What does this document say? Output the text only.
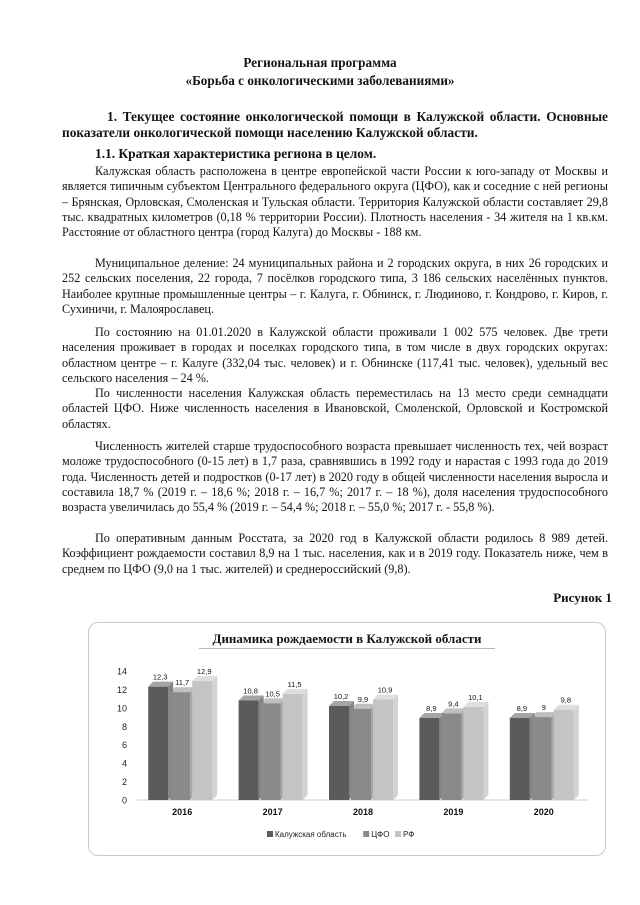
Региональная программа
«Борьба с онкологическими заболеваниями»
1. Текущее состояние онкологической помощи в Калужской области. Основные показатели онкологической помощи населению Калужской области.
1.1. Краткая характеристика региона в целом.

Калужская область расположена в центре европейской части России к юго-западу от Москвы и является типичным субъектом Центрального федерального округа (ЦФО), как и соседние с ней регионы – Брянская, Орловская, Смоленская и Тульская области. Территория Калужской области составляет 29,8 тыс. квадратных километров (0,18 % территории России). Плотность населения - 34 жителя на 1 кв.км. Расстояние от областного центра (город Калуга) до Москвы - 188 км.

Муниципальное деление: 24 муниципальных района и 2 городских округа, в них 26 городских и 252 сельских поселения, 22 города, 7 посёлков городского типа, 3 186 сельских населённых пунктов. Наиболее крупные промышленные центры – г. Калуга, г. Обнинск, г. Людиново, г. Кондрово, г. Киров, г. Сухиничи, г. Малоярославец.

По состоянию на 01.01.2020 в Калужской области проживали 1 002 575 человек. Две трети населения проживает в городах и поселках городского типа, в том числе в двух городских округах: областном центре – г. Калуге (332,04 тыс. человек) и г. Обнинске (117,41 тыс. человек), удельный вес сельского населения – 24 %.

По численности населения Калужская область переместилась на 13 место среди семнадцати областей ЦФО. Ниже численность населения в Ивановской, Смоленской, Орловской и Костромской областях.

Численность жителей старше трудоспособного возраста превышает численность тех, чей возраст моложе трудоспособного (0-15 лет) в 1,7 раза, сравнявшись в 1992 году и нарастая с 1993 года до 2019 года. Численность детей и подростков (0-17 лет) в 2020 году в общей численности населения выросла и составила 18,7 % (2019 г. – 18,6 %; 2018 г. – 16,7 %; 2017 г. – 18 %), доля населения трудоспособного возраста увеличилась до 55,4 % (2019 г. – 54,4 %; 2018 г. – 55,0 %; 2017 г. - 55,8 %).

По оперативным данным Росстата, за 2020 год в Калужской области родилось 8 989 детей. Коэффициент рождаемости составил 8,9 на 1 тыс. населения, как и в 2019 году. Показатель ниже, чем в среднем по ЦФО (9,0 на 1 тыс. жителей) и среднероссийский (9,8).

Рисунок 1
Динамика рождаемости в Калужской области
0
2
4
6
8
10
12
14
12,3
11,7
12,9
2016
10,8 10,5
11,5
2017
10,2 9,9
10,9
2018
8,9
9,4
10,1
2019
8,9 9
9,8
2020
Калужская область	ЦФО РФ
